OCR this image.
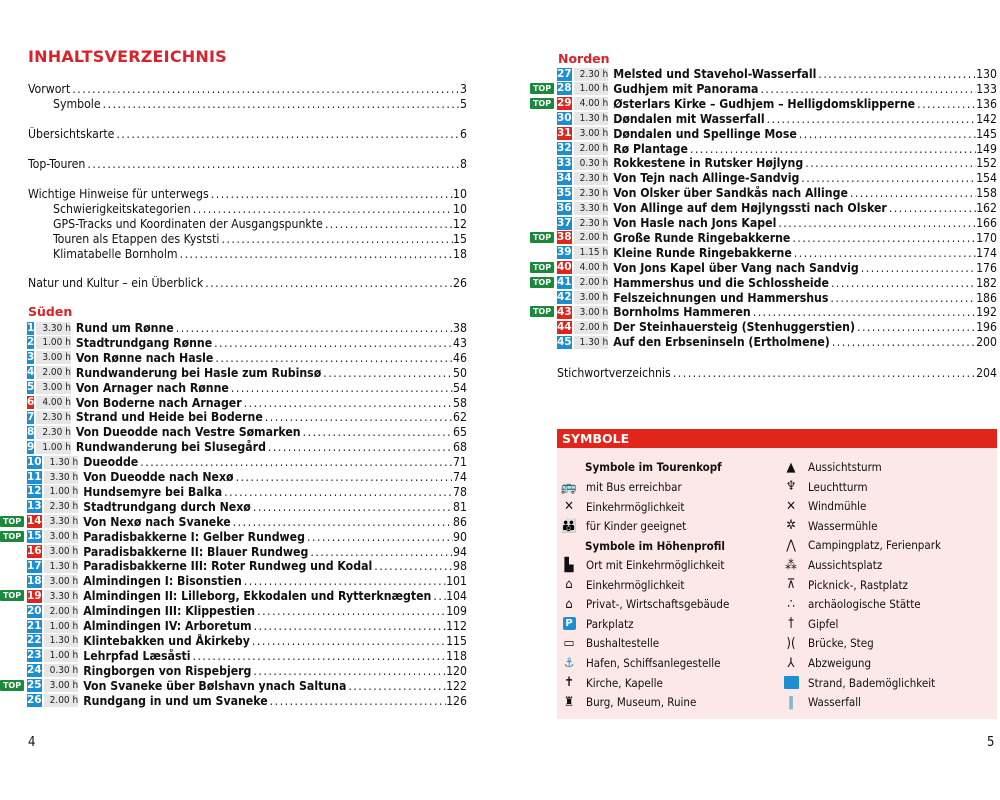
INHALTSVERZEICHNIS
Vorwort .....	3
Symbole .....	5
Übersichtskarte .....	6
Top-Touren .....	8
Wichtige Hinweise für unterwegs .....	10
Schwierigkeitskategorien .....	10
GPS-Tracks und Koordinaten der Ausgangspunkte .....	12
Touren als Etappen des Kyststi .....	15
Klimatabelle Bornholm .....	18
Natur und Kultur – ein Überblick .....	26
Süden
1 3.30 h Rund um Rønne .....	38
2 1.00 h Stadtrundgang Rønne .....	43
3 3.00 h Von Rønne nach Hasle .....	46
4 2.00 h Rundwanderung bei Hasle zum Rubinsø .....	50
5 3.00 h Von Arnager nach Rønne .....	54
6 4.00 h Von Boderne nach Arnager .....	58
7 2.30 h Strand und Heide bei Boderne .....	62
8 2.30 h Von Dueodde nach Vestre Sømarken .....	65
9 1.00 h Rundwanderung bei Slusegård .....	68
10 1.30 h Dueodde .....	71
11 3.30 h Von Dueodde nach Nexø .....	74
12 1.00 h Hundsemyre bei Balka .....	78
13 2.30 h Stadtrundgang durch Nexø .....	81
TOP 14 3.30 h Von Nexø nach Svaneke .....	86
TOP 15 3.00 h Paradisbakkerne I: Gelber Rundweg .....	90
16 3.00 h Paradisbakkerne II: Blauer Rundweg .....	94
17 1.30 h Paradisbakkerne III: Roter Rundweg und Kodal .....	98
18 3.00 h Almindingen I: Bisonstien .....	101
TOP 19 3.30 h Almindingen II: Lilleborg, Ekkodalen und Rytterknægten ..... 104
20 2.00 h Almindingen III: Klippestien .....	109
21 1.00 h Almindingen IV: Arboretum .....	112
22 1.30 h Klintebakken und Åkirkeby .....	115
23 1.00 h Lehrpfad Læsåsti .....	118
24 0.30 h Ringborgen von Rispebjerg .....	120
TOP 25 3.00 h Von Svaneke über Bølshavn ynach Saltuna .....	122
26 2.00 h Rundgang in und um Svaneke .....	126
4
Norden
27 2.30 h Melsted und Stavehol-Wasserfall .....	130
TOP 28 1.00 h Gudhjem mit Panorama .....	133
TOP 29 4.00 h Østerlars Kirke – Gudhjem – Helligdomsklipperne .....	136
30 1.30 h Døndalen mit Wasserfall .....	142
31 3.00 h Døndalen und Spellinge Mose .....	145
32 2.00 h Rø Plantage .....	149
33 0.30 h Rokkestene in Rutsker Højlyng .....	152
34 2.30 h Von Tejn nach Allinge-Sandvig .....	154
35 2.30 h Von Olsker über Sandkås nach Allinge .....	158
36 3.30 h Von Allinge auf dem Højlyngssti nach Olsker .....	162
37 2.30 h Von Hasle nach Jons Kapel .....	166
TOP 38 2.00 h Große Runde Ringebakkerne .....	170
39 1.15 h Kleine Runde Ringebakkerne .....	174
TOP 40 4.00 h Von Jons Kapel über Vang nach Sandvig .....	176
TOP 41 2.00 h Hammershus und die Schlossheide .....	182
42 3.00 h Felszeichnungen und Hammershus .....	186
TOP 43 3.00 h Bornholms Hammeren .....	192
44 2.00 h Der Steinhauersteig (Stenhuggerstien) .....	196
45 1.30 h Auf den Erbseninseln (Ertholmene) .....	200
Stichwortverzeichnis .....	204
5
SYMBOLE
Symbole im Tourenkopf
🚌 mit Bus erreichbar
✕	Einkehrmöglichkeit
👪 für Kinder geeignet
Symbole im Höhenprofil
▙	Ort mit Einkehrmöglichkeit
⌂	Einkehrmöglichkeit
⌂	Privat-, Wirtschaftsgebäude
P Parkplatz
▭ Bushaltestelle
⚓	Hafen, Schiffsanlegestelle
✝	Kirche, Kapelle
♜	Burg, Museum, Ruine
▲	Aussichtsturm
♆	Leuchtturm
✕	Windmühle
✲	Wassermühle
⋀	Campingplatz, Ferienpark
⁂ Aussichtsplatz
⊼	Picknick-, Rastplatz
∴	archäologische Stätte
†	Gipfel
)(	Brücke, Steg
⅄	Abzweigung
Strand, Bademöglichkeit
‖	Wasserfall
